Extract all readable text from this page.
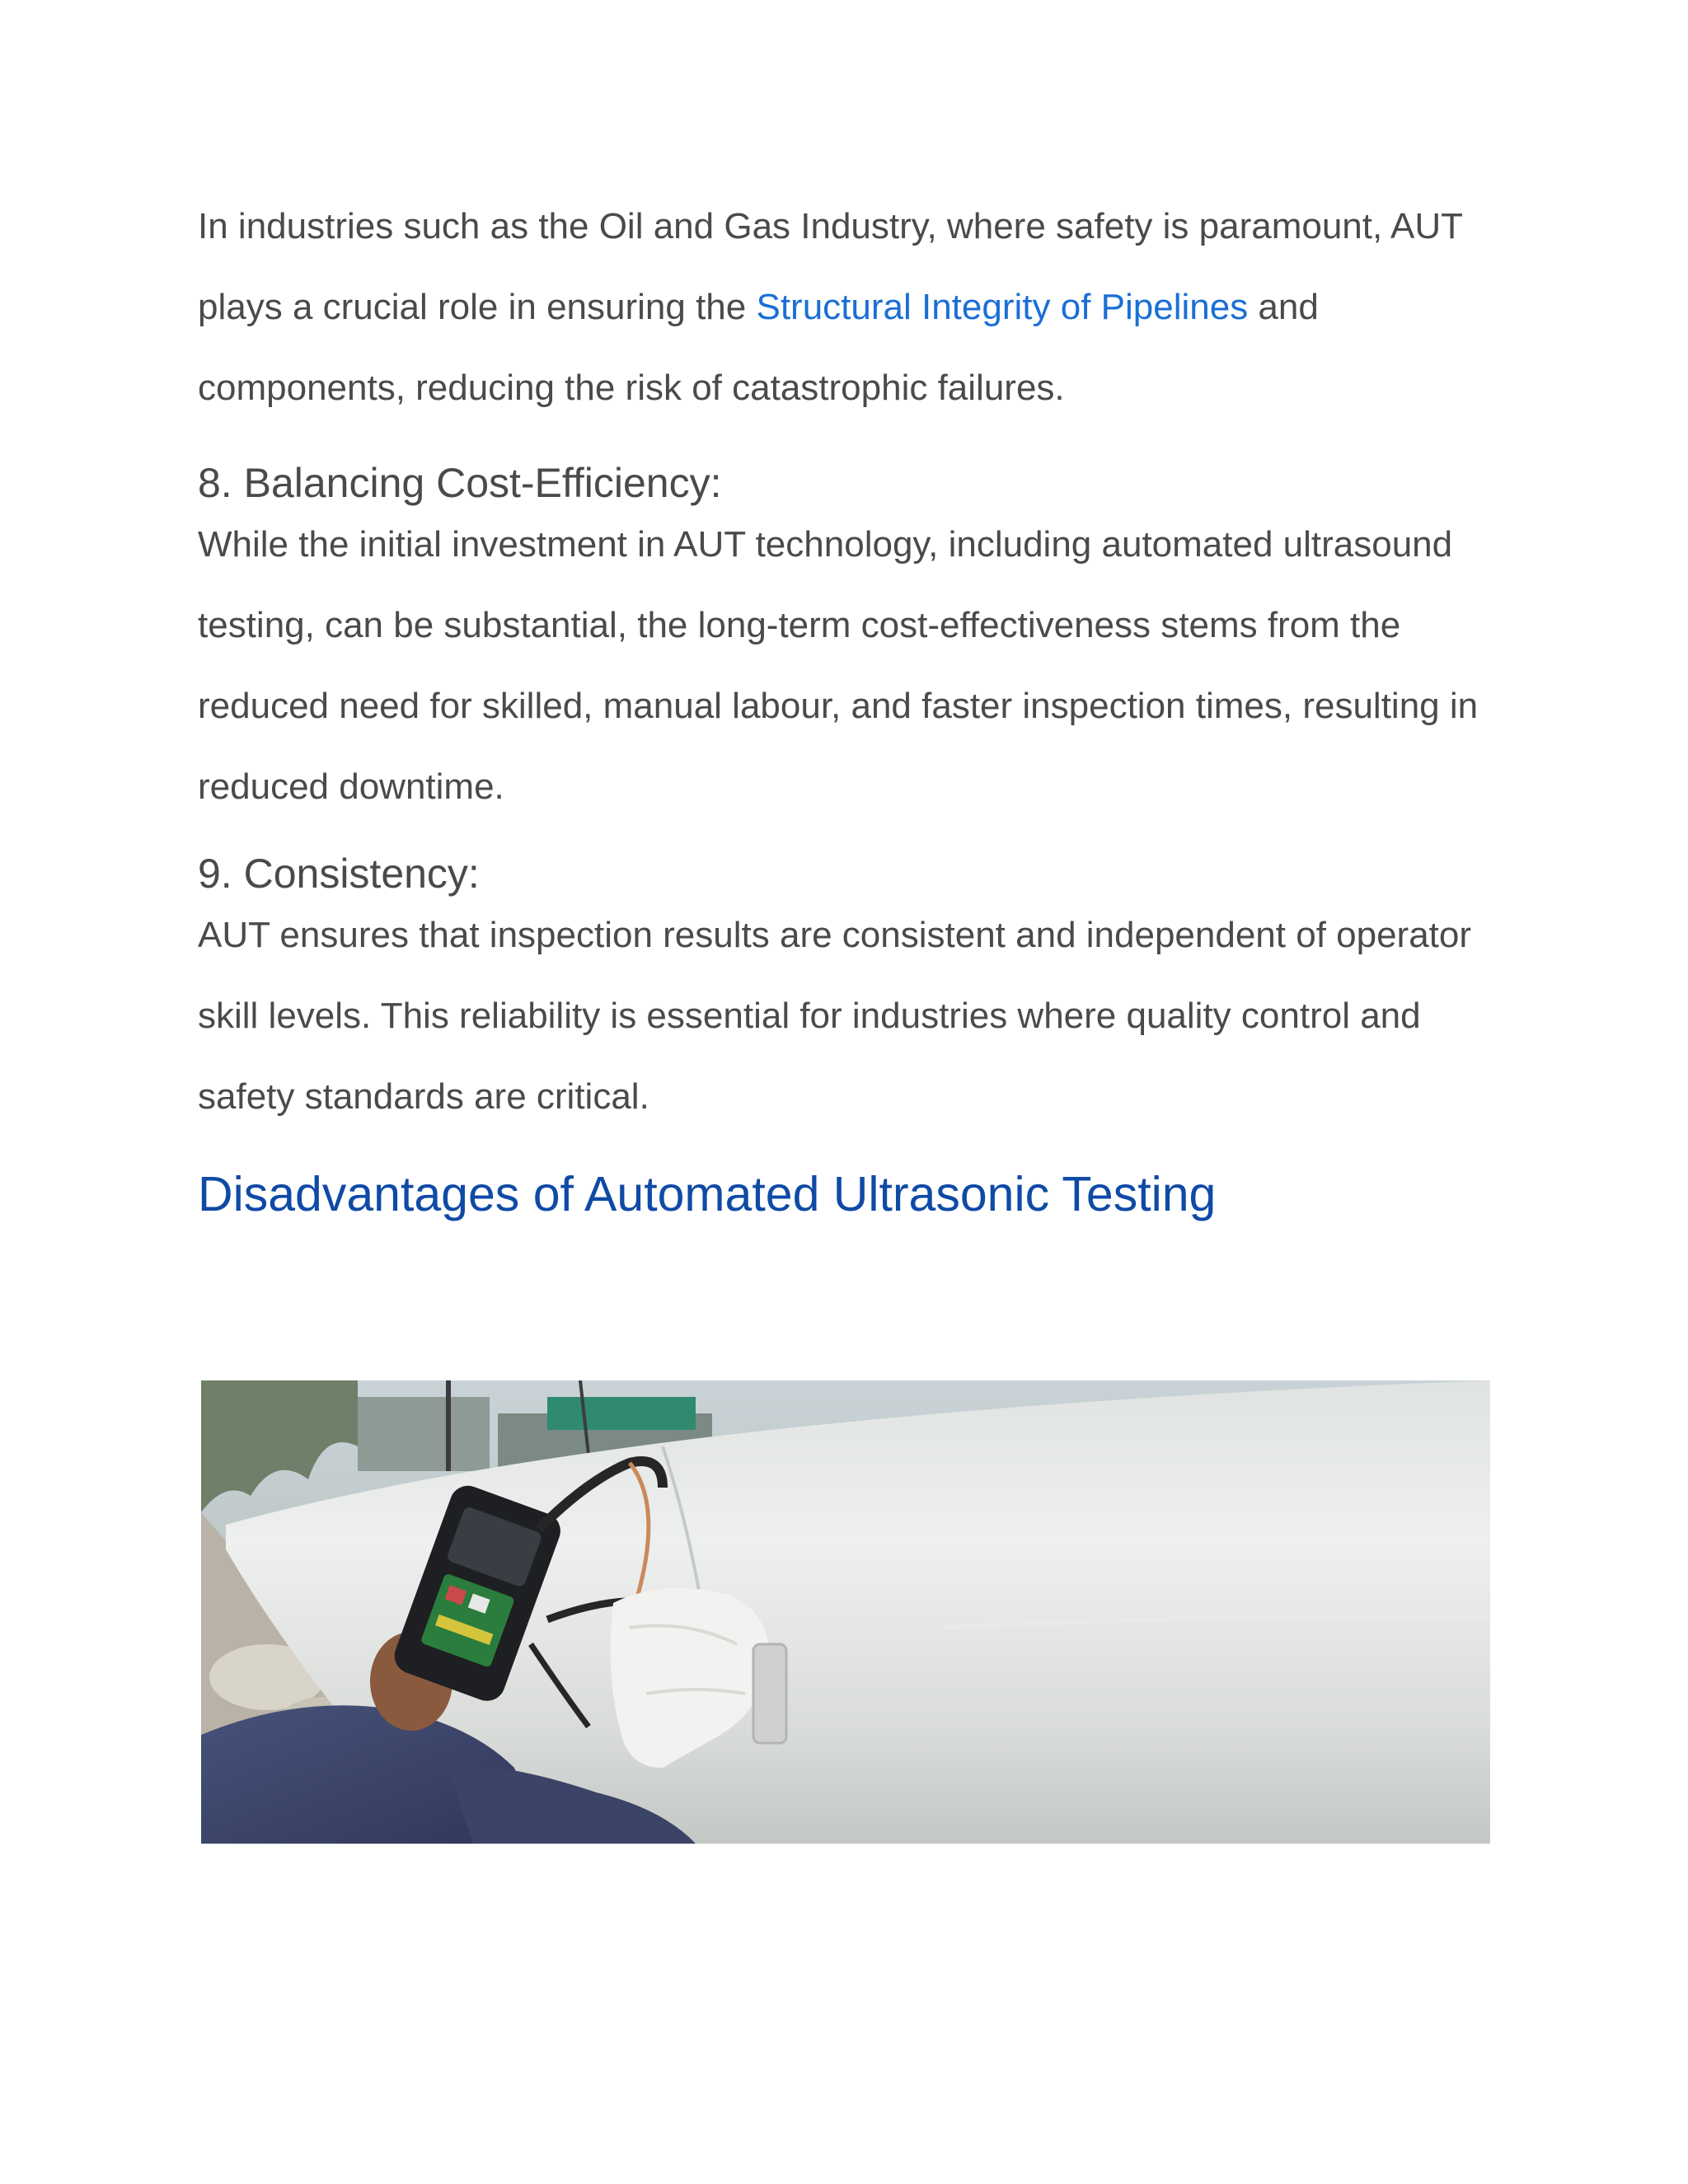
In industries such as the Oil and Gas Industry, where safety is paramount, AUT plays a crucial role in ensuring the Structural Integrity of Pipelines and components, reducing the risk of catastrophic failures.

8. Balancing Cost-Efficiency:

While the initial investment in AUT technology, including automated ultrasound testing, can be substantial, the long-term cost-effectiveness stems from the reduced need for skilled, manual labour, and faster inspection times, resulting in reduced downtime.

9. Consistency:

AUT ensures that inspection results are consistent and independent of operator skill levels. This reliability is essential for industries where quality control and safety standards are critical.

Disadvantages of Automated Ultrasonic Testing
